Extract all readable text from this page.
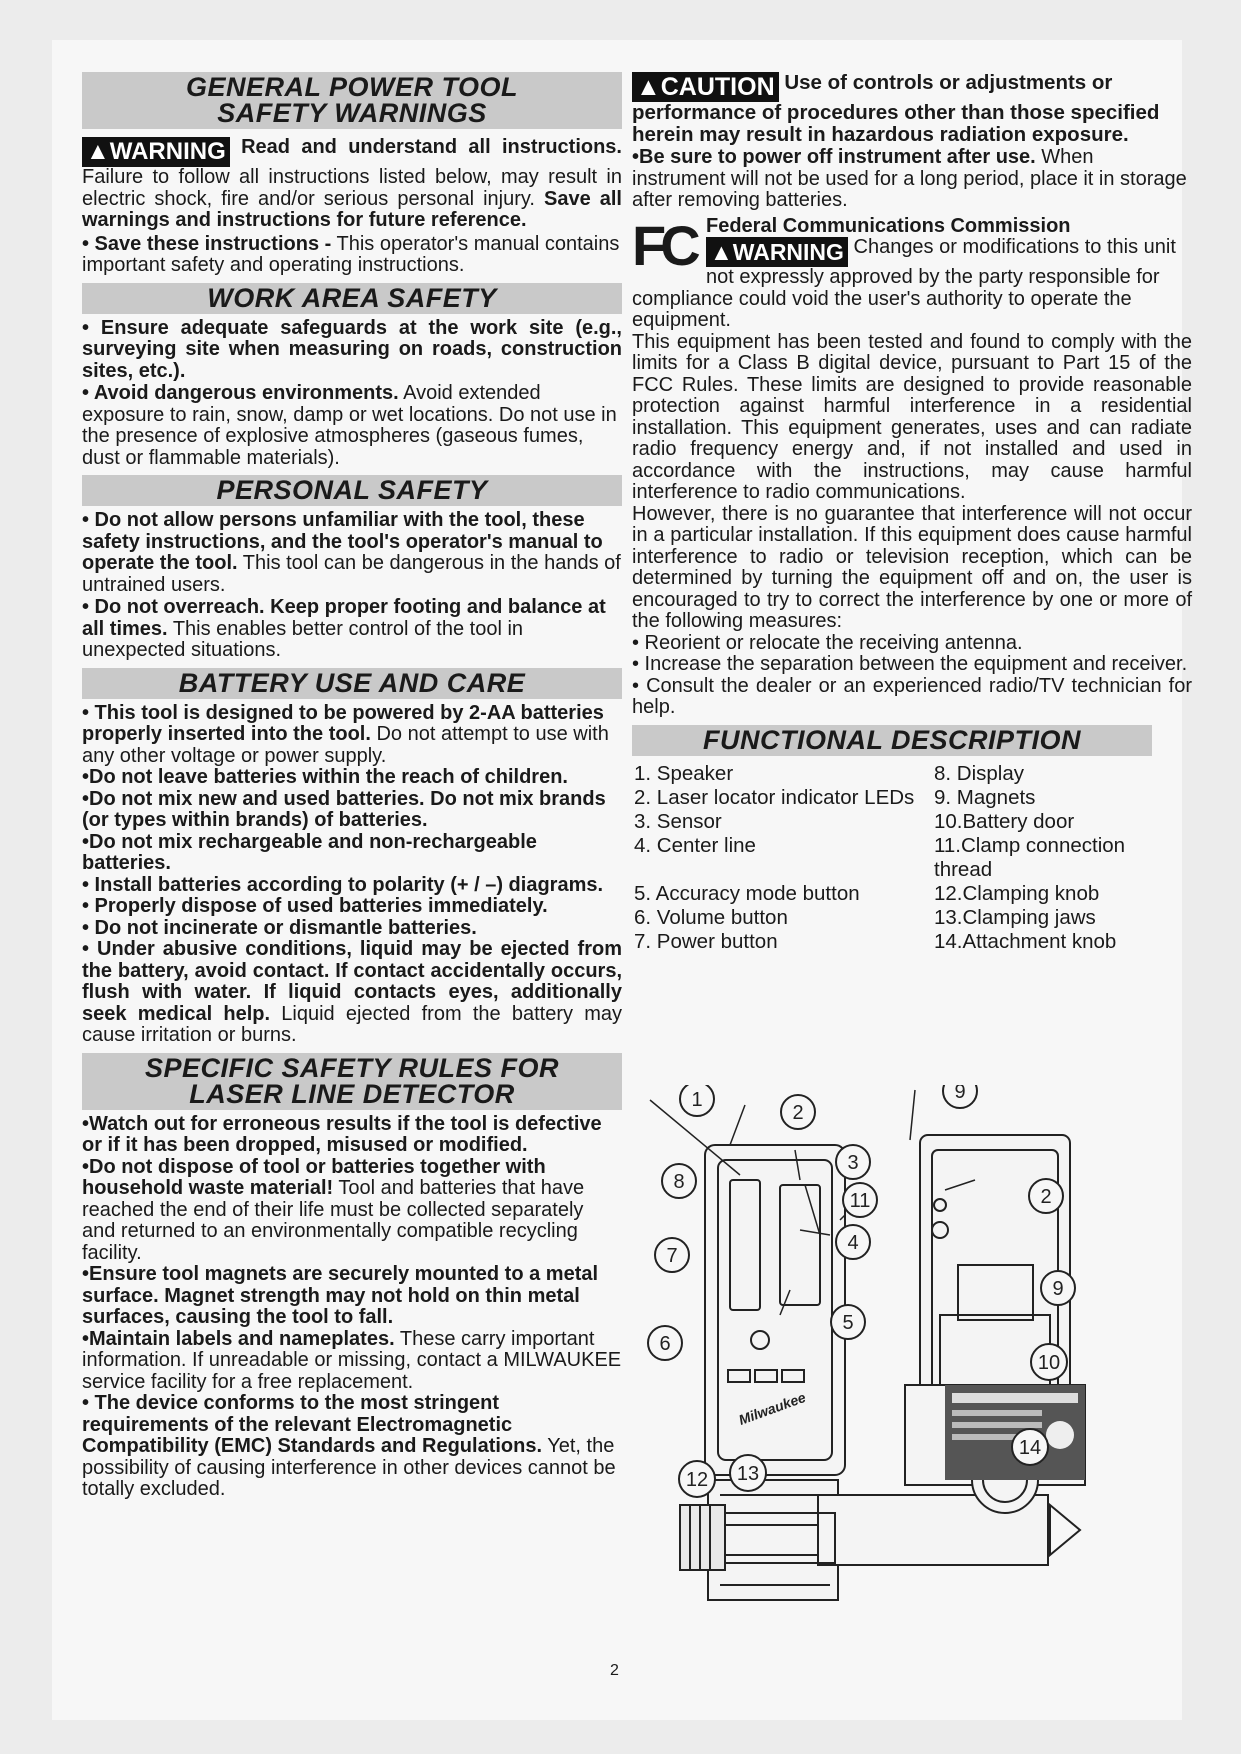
GENERAL POWER TOOL
SAFETY WARNINGS

▲WARNING Read and understand all instructions. Failure to follow all instructions listed below, may result in electric shock, fire and/or serious personal injury. Save all warnings and instructions for future reference.

• Save these instructions - This operator's manual contains important safety and operating instructions.

WORK AREA SAFETY

• Ensure adequate safeguards at the work site (e.g., surveying site when measuring on roads, construction sites, etc.).

• Avoid dangerous environments. Avoid extended exposure to rain, snow, damp or wet locations. Do not use in the presence of explosive atmospheres (gaseous fumes, dust or flammable materials).

PERSONAL SAFETY

• Do not allow persons unfamiliar with the tool, these safety instructions, and the tool's operator's manual to operate the tool. This tool can be dangerous in the hands of untrained users.

• Do not overreach. Keep proper footing and balance at all times. This enables better control of the tool in unexpected situations.

BATTERY USE AND CARE

• This tool is designed to be powered by 2-AA batteries properly inserted into the tool. Do not attempt to use with any other voltage or power supply.

•Do not leave batteries within the reach of children.

•Do not mix new and used batteries. Do not mix brands (or types within brands) of batteries.

•Do not mix rechargeable and non-rechargeable batteries.

• Install batteries according to polarity (+ / –) diagrams.

• Properly dispose of used batteries immediately.

• Do not incinerate or dismantle batteries.

• Under abusive conditions, liquid may be ejected from the battery, avoid contact. If contact accidentally occurs, flush with water. If liquid contacts eyes, additionally seek medical help. Liquid ejected from the battery may cause irritation or burns.

SPECIFIC SAFETY RULES FOR
LASER LINE DETECTOR

•Watch out for erroneous results if the tool is defective or if it has been dropped, misused or modified.

•Do not dispose of tool or batteries together with household waste material! Tool and batteries that have reached the end of their life must be collected separately and returned to an environmentally compatible recycling facility.

•Ensure tool magnets are securely mounted to a metal surface. Magnet strength may not hold on thin metal surfaces, causing the tool to fall.

•Maintain labels and nameplates. These carry important information. If unreadable or missing, contact a MILWAUKEE service facility for a free replacement.

• The device conforms to the most stringent requirements of the relevant Electromagnetic Compatibility (EMC) Standards and Regulations. Yet, the possibility of causing interference in other devices cannot be totally excluded.

▲CAUTION Use of controls or adjustments or performance of procedures other than those specified herein may result in hazardous radiation exposure.

•Be sure to power off instrument after use. When instrument will not be used for a long period, place it in storage after removing batteries.

FC Federal Communications Commission

▲WARNING Changes or modifications to this unit not expressly approved by the party responsible for compliance could void the user's authority to operate the equipment.

This equipment has been tested and found to comply with the limits for a Class B digital device, pursuant to Part 15 of the FCC Rules. These limits are designed to provide reasonable protection against harmful interference in a residential installation. This equipment generates, uses and can radiate radio frequency energy and, if not installed and used in accordance with the instructions, may cause harmful interference to radio communications.

However, there is no guarantee that interference will not occur in a particular installation. If this equipment does cause harmful interference to radio or television reception, which can be determined by turning the equipment off and on, the user is encouraged to try to correct the interference by one or more of the following measures:

• Reorient or relocate the receiving antenna.

• Increase the separation between the equipment and receiver.

• Consult the dealer or an experienced radio/TV technician for help.

FUNCTIONAL DESCRIPTION
1. Speaker	8. Display
2. Laser locator indicator LEDs 9. Magnets
3. Sensor	10.Battery door
4. Center line	11.Clamp connection thread
5. Accuracy mode button	12.Clamping knob
6. Volume button	13.Clamping jaws
7. Power button	14.Attachment knob
Milwaukee
1
2
3
4
5
6
7
8
9
10
11
12 13
14
2
9
2
